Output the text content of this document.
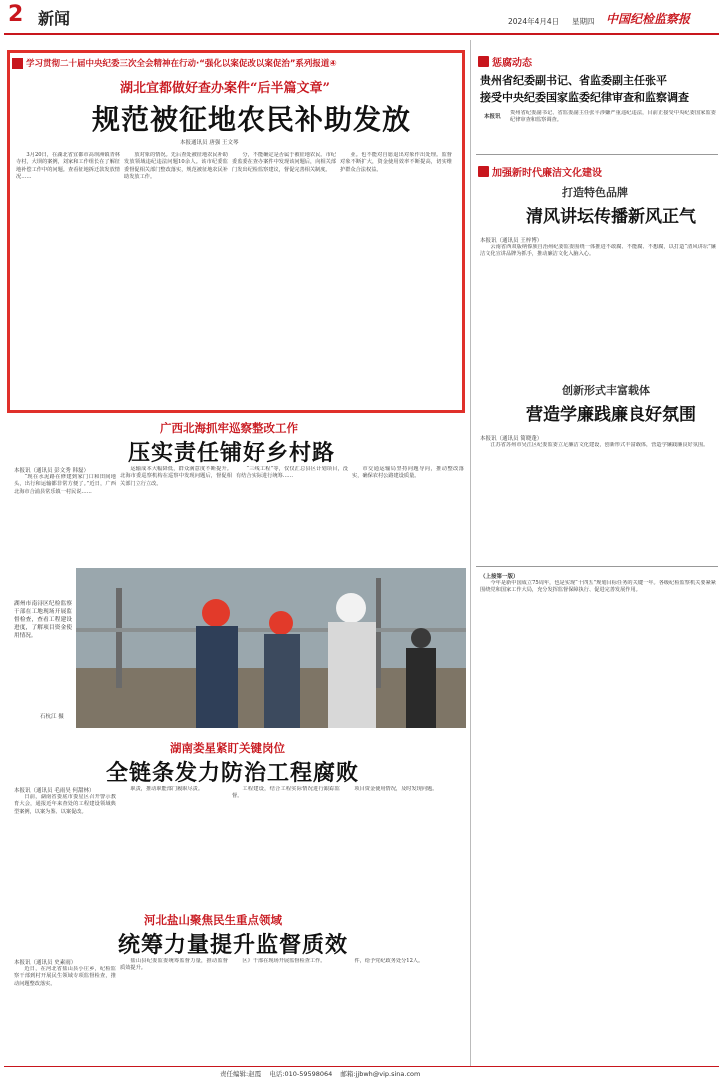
2 新闻	2024年4月4日 星期四 中国纪检监察报
学习贯彻二十届中央纪委三次全会精神在行动 ·“强化以案促改以案促治”系列报道④
湖北宜都做好查办案件“后半篇文章”
规范被征地农民补助发放
本报通讯员 唐强 王文琴

3月20日，在湖北省宜都市高坝洲镇青林寺村，大坝的案例，刘家和工作组长在了解征地补偿工作中的问题。查看征地拆迁款发放情况……

放对象的情况。先后查处被征地农民补助发放领域违纪违法问题10余人。该市纪委监委督促相关部门整改落实，规范被征地农民补助发放工作。

分，不能确定是否属于被征地农民。市纪委监委在查办案件中发现该问题后，向相关部门发出纪检监察建议，督促完善相关制度。

业。也不能对自愿退出对象作出处理。监督对象不断扩大，资金使用效率不断提高，切实维护群众合法权益。

广西北海抓牢巡察整改工作
压实责任铺好乡村路
本报讯（通讯员 彭文秀 韩磊）

“现在水泥路在修建到家门口和田间地头，出行和运输都非常方便了。”近日，广西北海市合浦县常乐镇一村民说……

运输成本大幅降低，群众满意度不断提升。北海市委巡察机构在巡察中发现问题后，督促相关部门立行立改。

“三线工程”等，仅仅汇总县区计划项目，没有结合实际进行统筹……

市交通运输局坚持问题导向，推动整改落实，确保农村公路建设质量。

湖州市南浔区纪检监察干部在工地现场开展监督检查，查看工程建设进度，了解项目资金使用情况。

石杭江 摄
湖南娄星紧盯关键岗位
全链条发力防治工程腐败
本报讯（通讯员 毛雨昊 何甜林）

日前，湖南省娄底市娄星区召开警示教育大会，通报近年来查处的工程建设领域典型案例，以案为鉴、以案促改。

职责，推动职能部门履职尽责。	工程建设，结合工程实际情况进行跟踪监督。

项目资金使用情况，及时发现问题。

河北盐山聚焦民生重点领域
统筹力量提升监督质效
本报讯（通讯员 史素雨）

近日，在河北省盐山县小庄乡，纪检监察干部到村开展民生领域专项监督检查，推动问题整改落实。

盐山县纪委监委统筹监督力量，推动监督质效提升。

区》干部在现场开展监督检查工作。	件，给予党纪政务处分12人。

惩腐动态
贵州省纪委副书记、省监委副主任张平
接受中央纪委国家监委纪律审查和监察调查
本报讯

贵州省纪委副书记、省监委副主任张平涉嫌严重违纪违法，目前正接受中央纪委国家监委纪律审查和监察调查。

加强新时代廉洁文化建设
打造特色品牌
清风讲坛传播新风正气
本报讯（通讯员 王梓博）

云南省西双版纳傣族自治州纪委监委围绕一体推进不敢腐、不能腐、不想腐，以打造“清风讲坛”廉洁文化宣讲品牌为抓手，推动廉洁文化入脑入心。

创新形式丰富载体
营造学廉践廉良好氛围
本报讯（通讯员 简晓蓬）

江苏省苏州市吴江区纪委监委立足廉洁文化建设，创新形式丰富载体，营造学廉践廉良好氛围。

（上接第一版）

今年是新中国成立75周年，也是实现“十四五”规划目标任务的关键一年。各级纪检监察机关要紧紧围绕党和国家工作大局，充分发挥监督保障执行、促进完善发展作用。

责任编辑:赵霞 电话:010-59598064 邮箱:jjbwh@vip.sina.com
